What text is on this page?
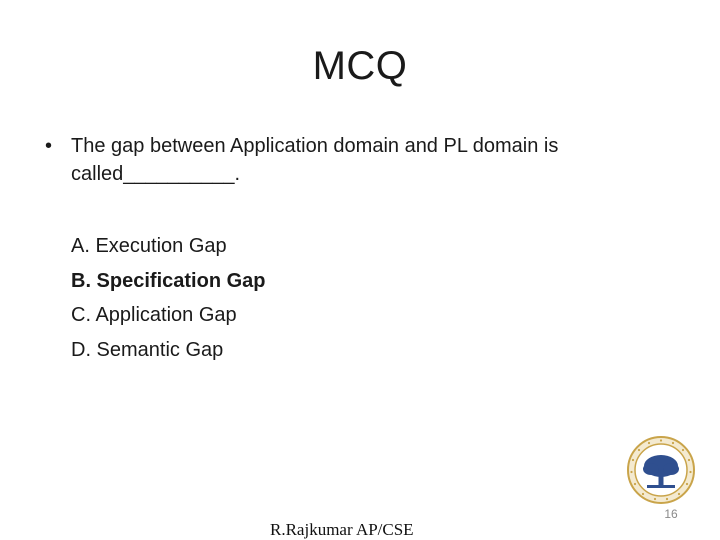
MCQ
• The gap between Application domain and PL domain is called__________.
A. Execution Gap
B. Specification Gap
C. Application Gap
D. Semantic Gap
16
R.Rajkumar AP/CSE
